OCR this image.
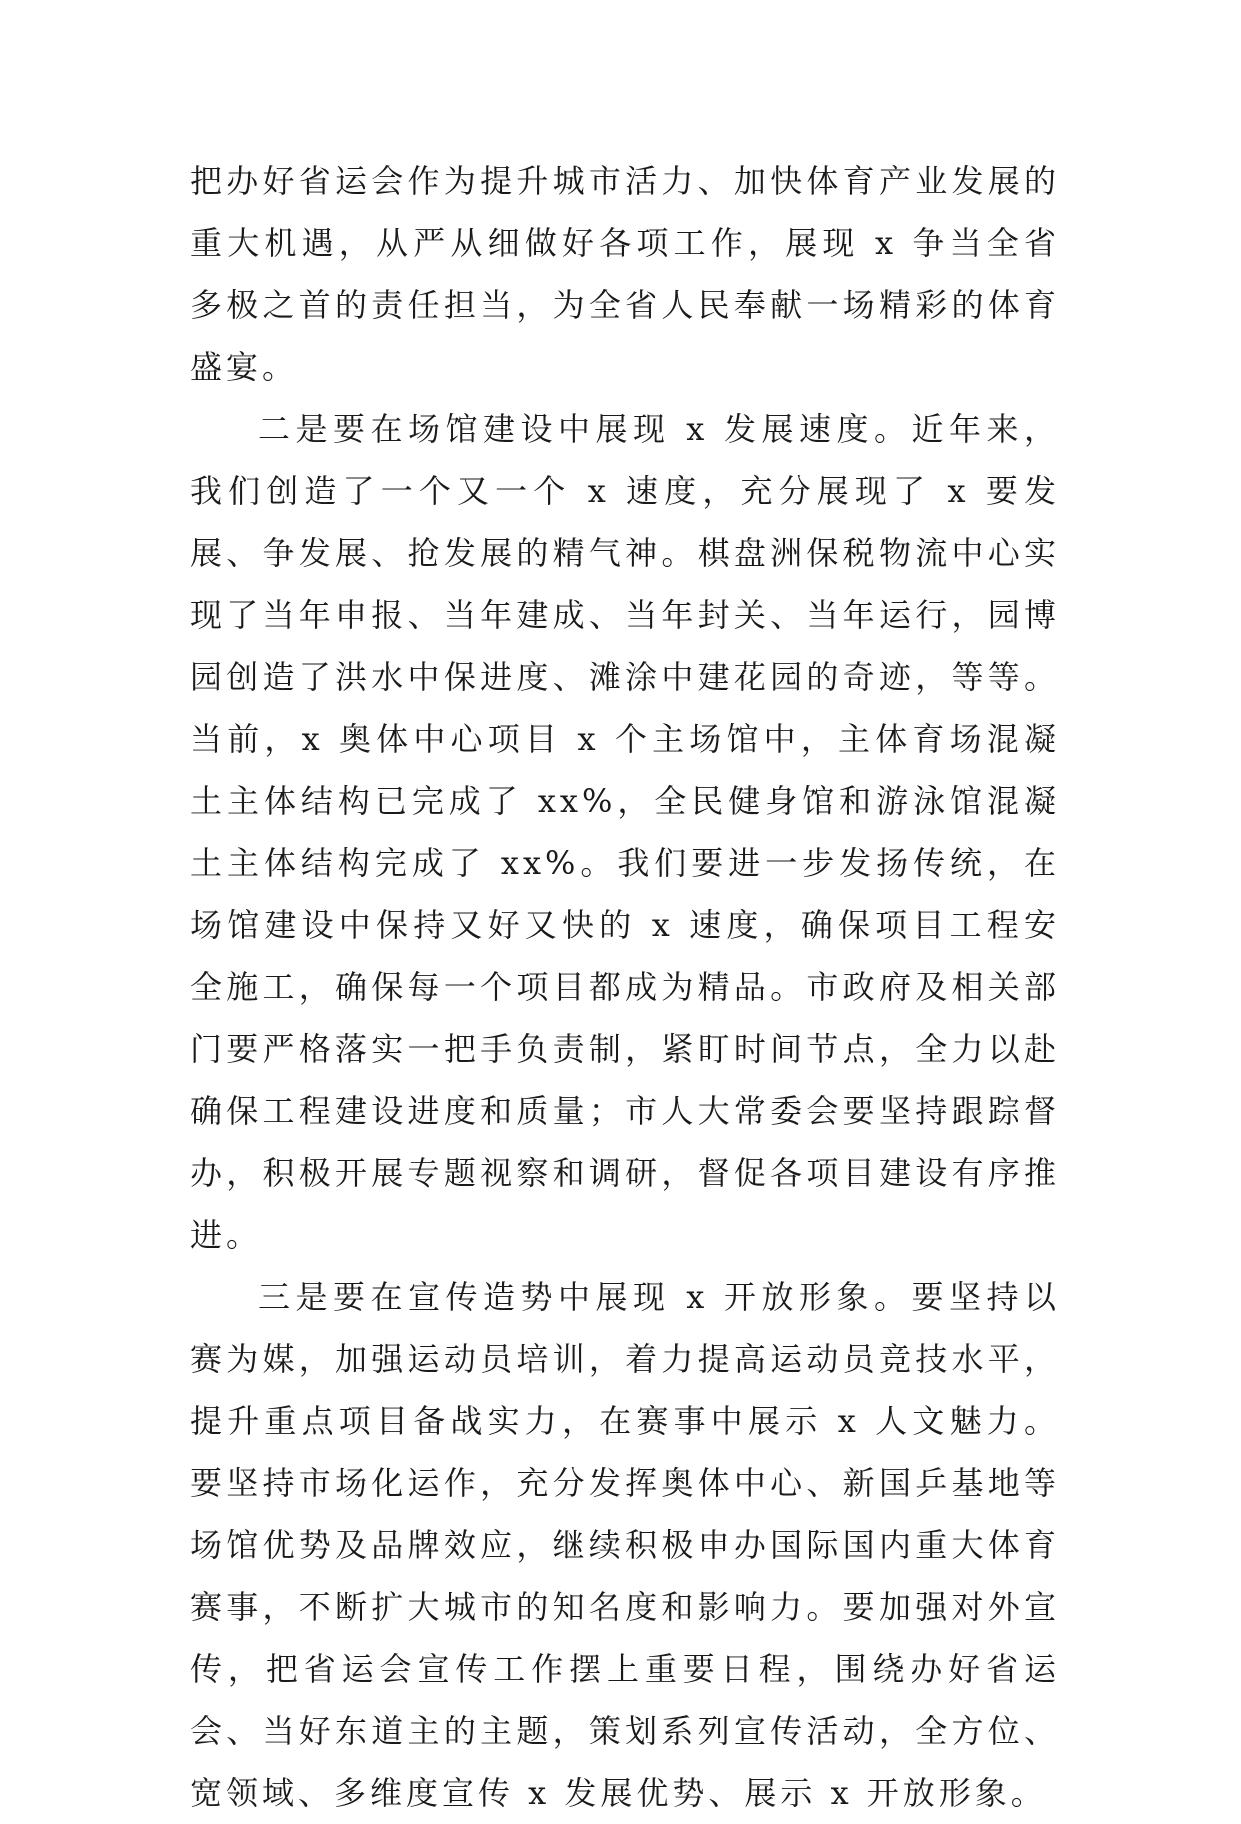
把办好省运会作为提升城市活力、加快体育产业发展的重大机遇，从严从细做好各项工作，展现 x 争当全省多极之首的责任担当，为全省人民奉献一场精彩的体育盛宴。

二是要在场馆建设中展现 x 发展速度。近年来，我们创造了一个又一个 x 速度，充分展现了 x 要发展、争发展、抢发展的精气神。棋盘洲保税物流中心实现了当年申报、当年建成、当年封关、当年运行，园博园创造了洪水中保进度、滩涂中建花园的奇迹，等等。当前，x 奥体中心项目 x 个主场馆中，主体育场混凝土主体结构已完成了 xx%，全民健身馆和游泳馆混凝土主体结构完成了 xx%。我们要进一步发扬传统，在场馆建设中保持又好又快的 x 速度，确保项目工程安全施工，确保每一个项目都成为精品。市政府及相关部门要严格落实一把手负责制，紧盯时间节点，全力以赴确保工程建设进度和质量；市人大常委会要坚持跟踪督办，积极开展专题视察和调研，督促各项目建设有序推进。

三是要在宣传造势中展现 x 开放形象。要坚持以赛为媒，加强运动员培训，着力提高运动员竞技水平，提升重点项目备战实力，在赛事中展示 x 人文魅力。要坚持市场化运作，充分发挥奥体中心、新国乒基地等场馆优势及品牌效应，继续积极申办国际国内重大体育赛事，不断扩大城市的知名度和影响力。要加强对外宣传，把省运会宣传工作摆上重要日程，围绕办好省运会、当好东道主的主题，策划系列宣传活动，全方位、宽领域、多维度宣传 x 发展优势、展示 x 开放形象。
